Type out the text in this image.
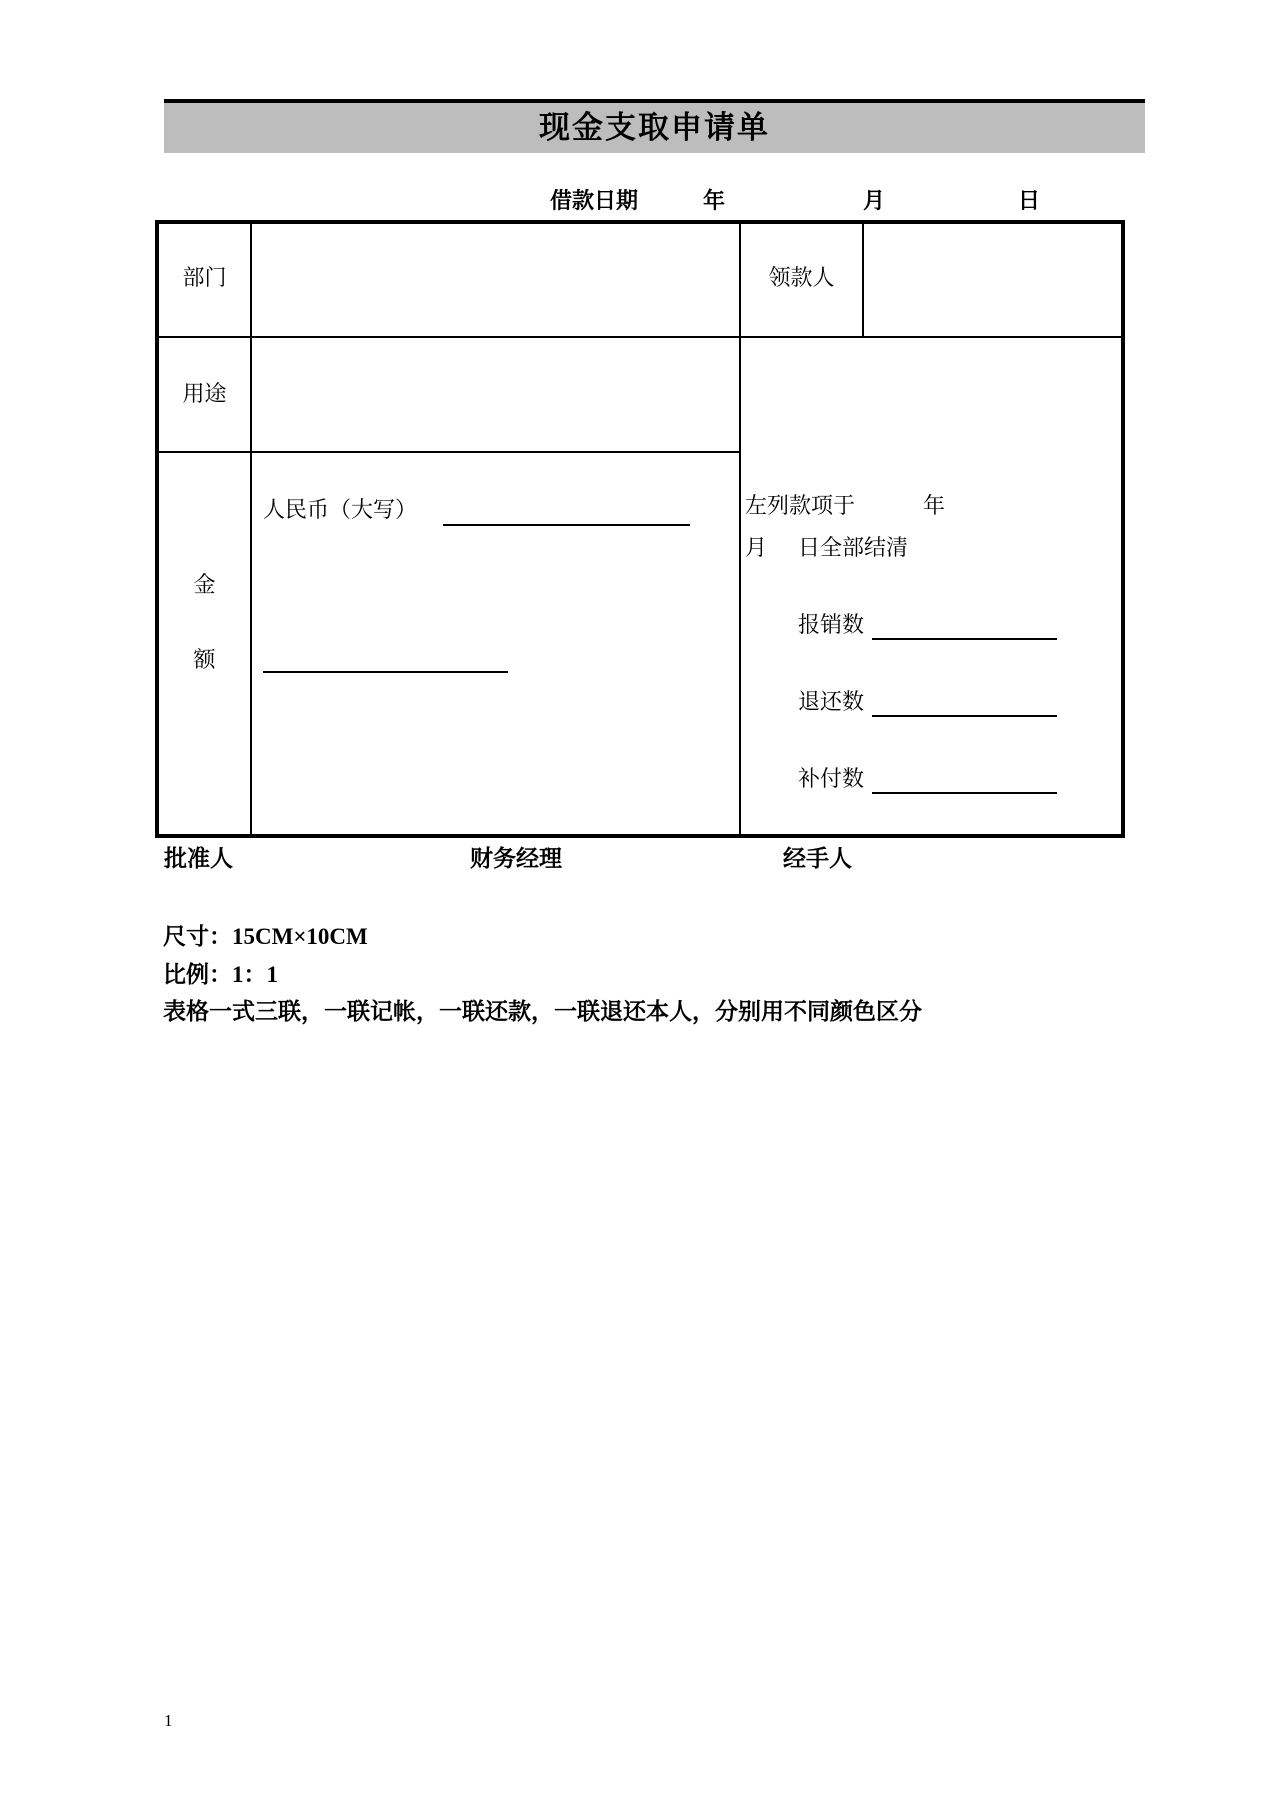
现金支取申请单
借款日期	年	月	日
部门	领款人
用途
金
额
人民币（大写）	左列款项于	年
月 日全部结清
报销数
退还数
补付数
批准人	财务经理	经手人
尺寸：15CM×10CM
比例：1：1
表格一式三联，一联记帐，一联还款，一联退还本人，分别用不同颜色区分
1
